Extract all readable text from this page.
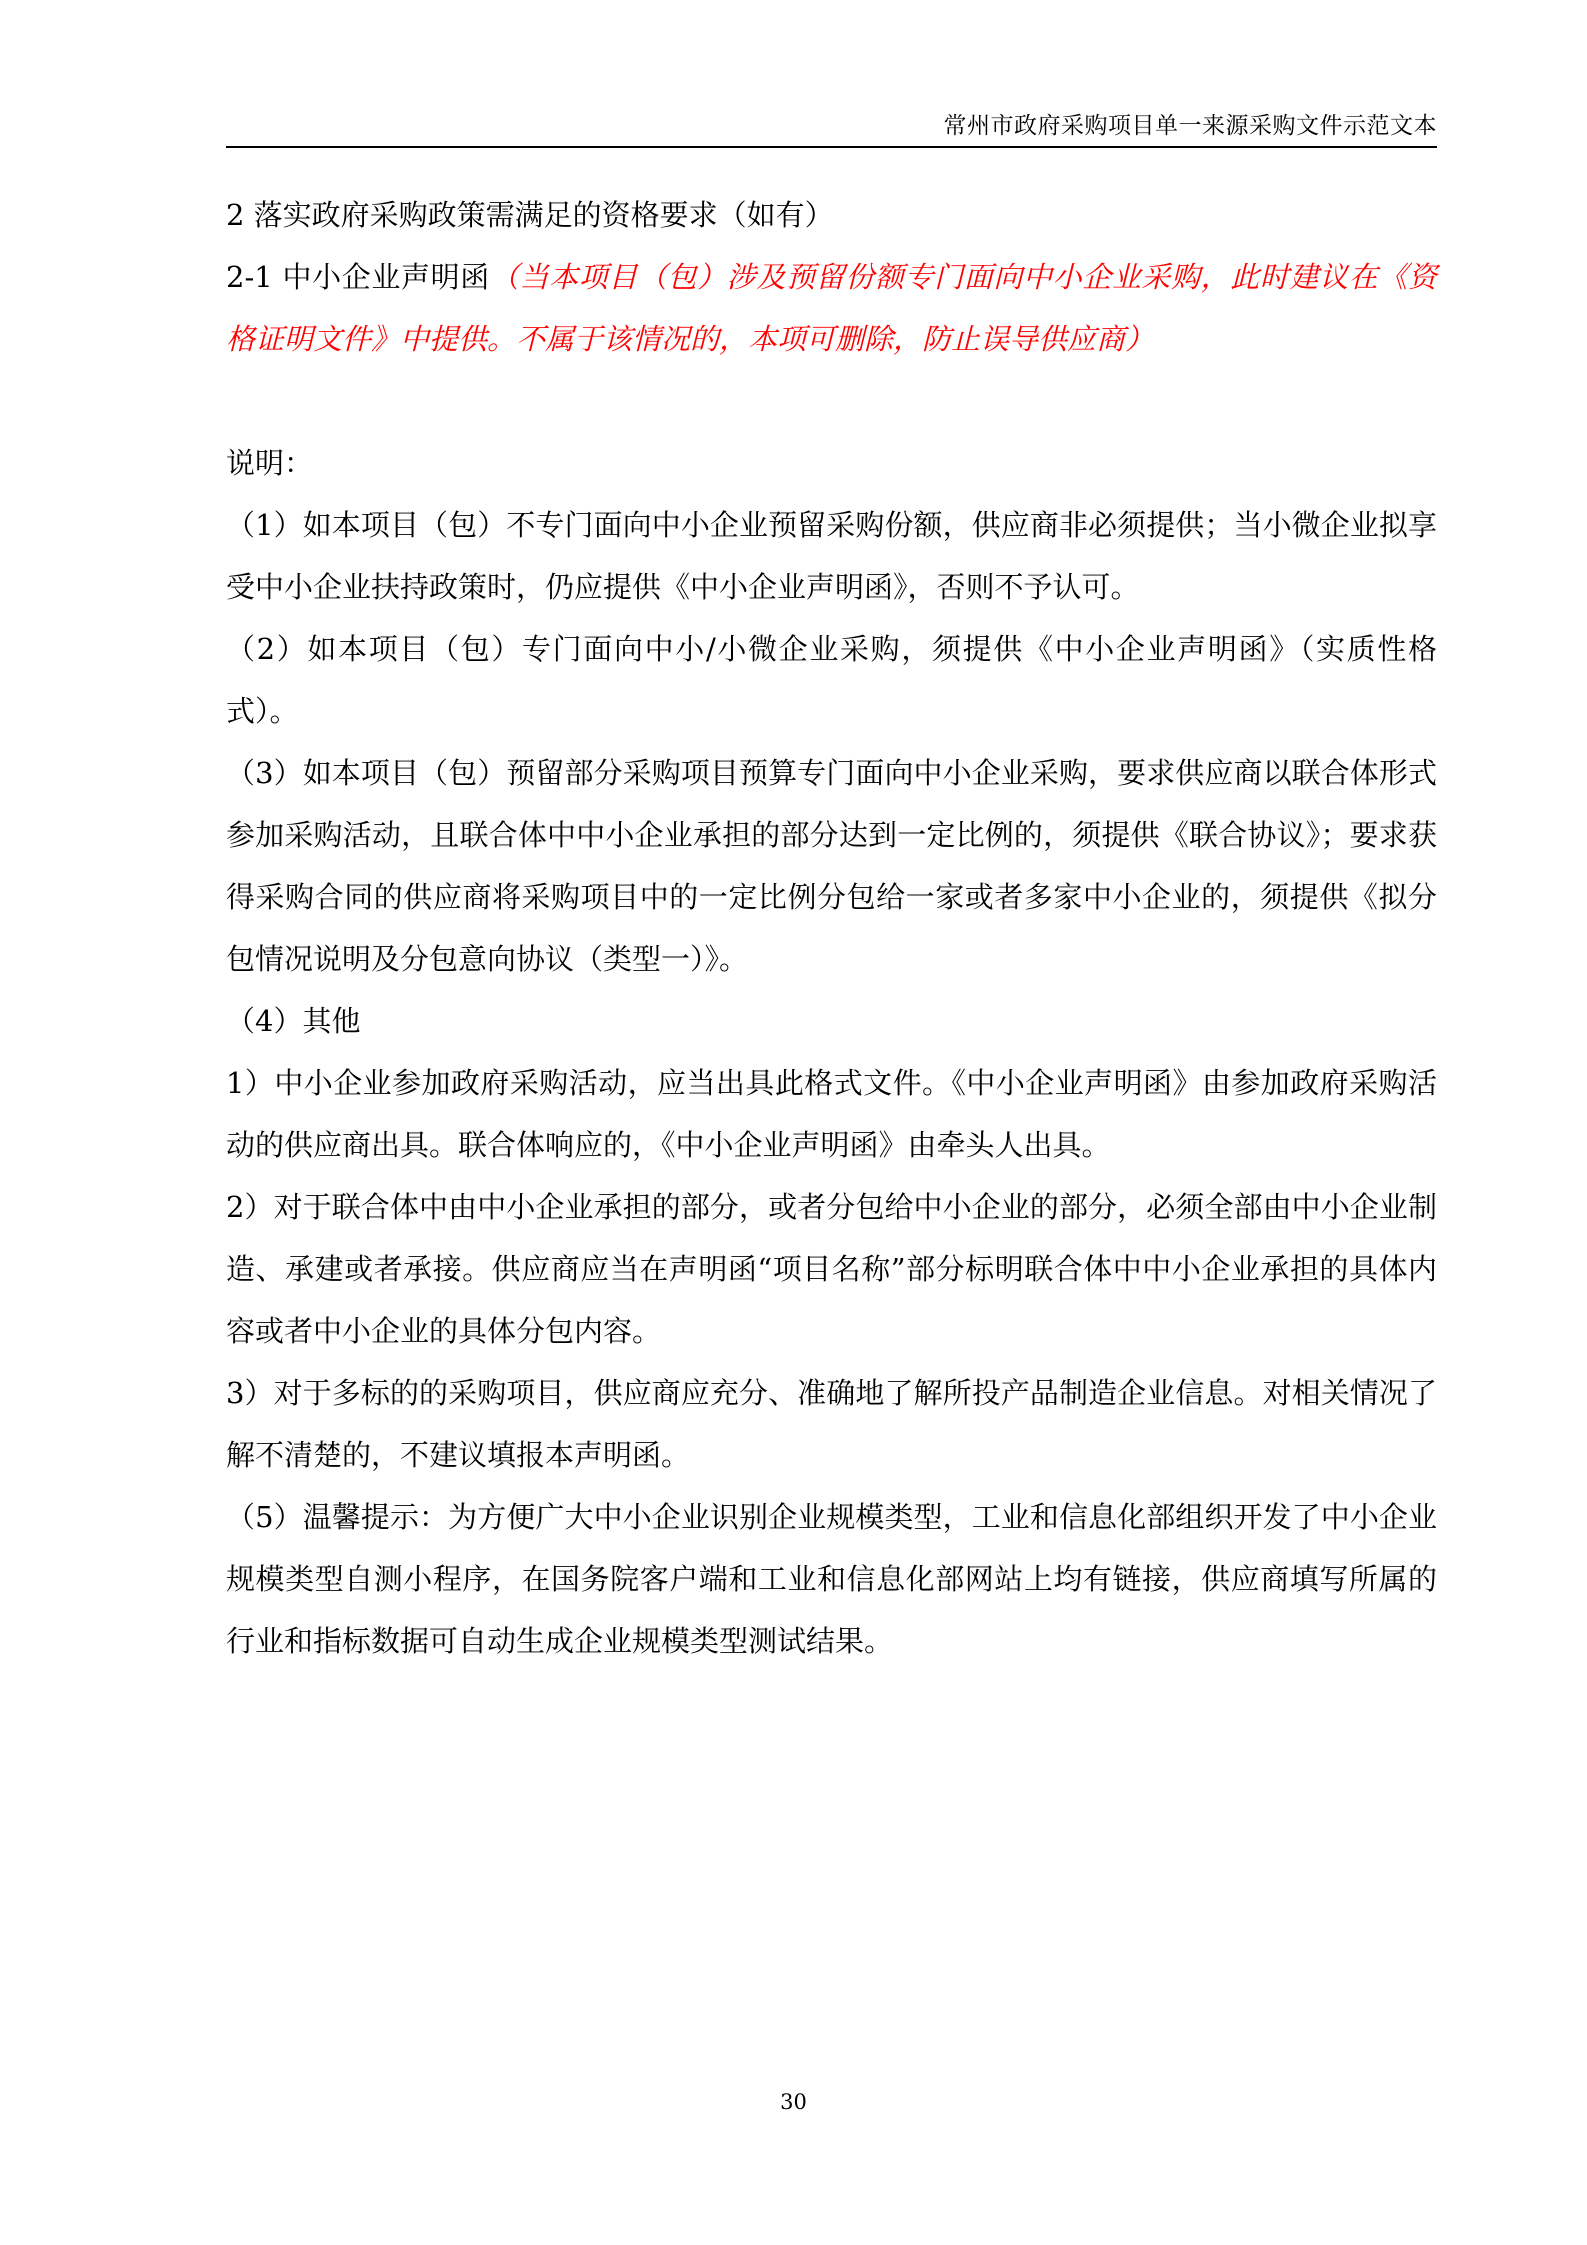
常州市政府采购项目单一来源采购文件示范文本

2 落实政府采购政策需满足的资格要求（如有）

2-1 中小企业声明函（当本项目（包）涉及预留份额专门面向中小企业采购，此时建议在《资格证明文件》中提供。不属于该情况的，本项可删除，防止误导供应商）

说明：

（1）如本项目（包）不专门面向中小企业预留采购份额，供应商非必须提供；当小微企业拟享受中小企业扶持政策时，仍应提供《中小企业声明函》，否则不予认可。

（2）如本项目（包）专门面向中小/小微企业采购，须提供《中小企业声明函》（实质性格式）。

（3）如本项目（包）预留部分采购项目预算专门面向中小企业采购，要求供应商以联合体形式参加采购活动，且联合体中中小企业承担的部分达到一定比例的，须提供《联合协议》；要求获得采购合同的供应商将采购项目中的一定比例分包给一家或者多家中小企业的，须提供《拟分包情况说明及分包意向协议（类型一）》。

（4）其他

1）中小企业参加政府采购活动，应当出具此格式文件。《中小企业声明函》由参加政府采购活动的供应商出具。联合体响应的，《中小企业声明函》由牵头人出具。

2）对于联合体中由中小企业承担的部分，或者分包给中小企业的部分，必须全部由中小企业制造、承建或者承接。供应商应当在声明函“项目名称”部分标明联合体中中小企业承担的具体内容或者中小企业的具体分包内容。

3）对于多标的的采购项目，供应商应充分、准确地了解所投产品制造企业信息。对相关情况了解不清楚的，不建议填报本声明函。

（5）温馨提示：为方便广大中小企业识别企业规模类型，工业和信息化部组织开发了中小企业规模类型自测小程序，在国务院客户端和工业和信息化部网站上均有链接，供应商填写所属的行业和指标数据可自动生成企业规模类型测试结果。

30
